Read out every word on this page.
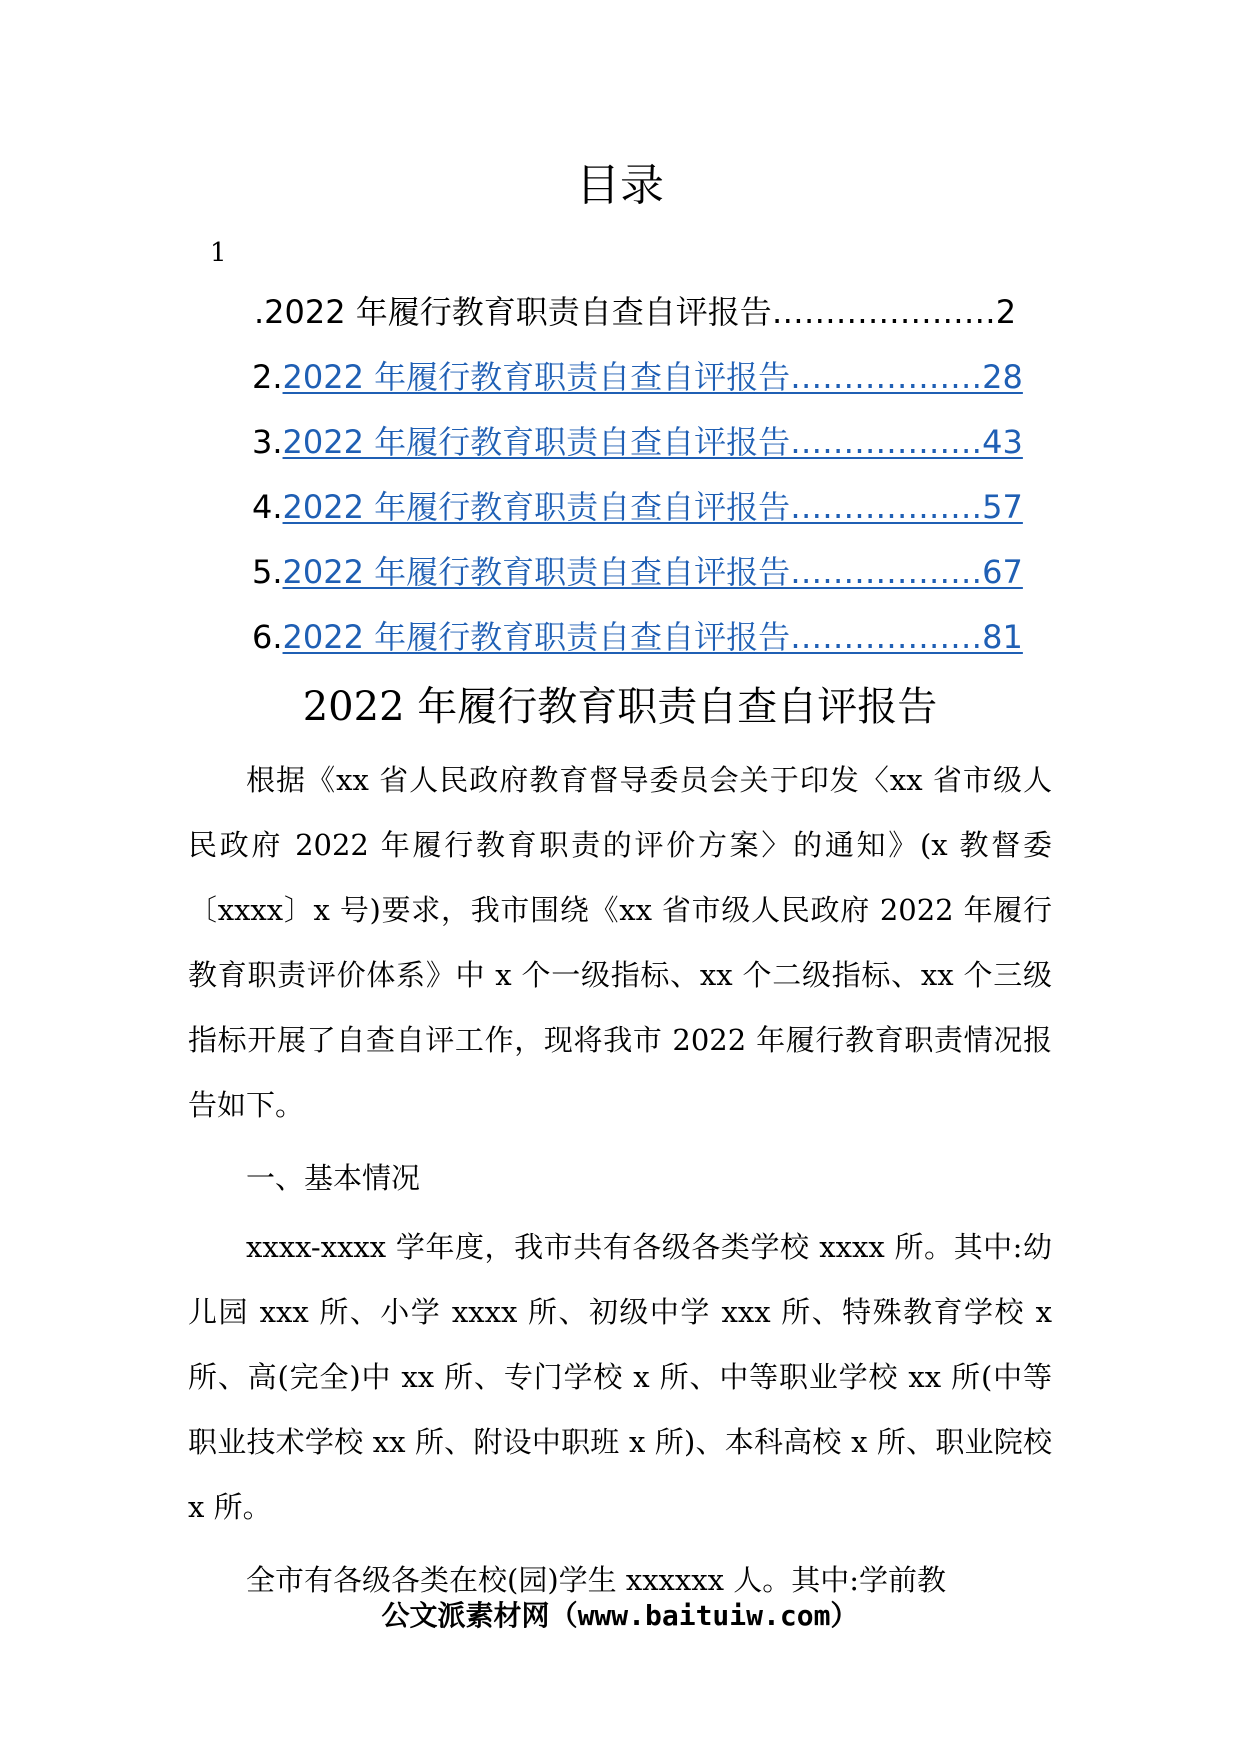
目录
1
.2022 年履行教育职责自查自评报告…………………2
2. 2022 年履行教育职责自查自评报告………………28
3. 2022 年履行教育职责自查自评报告………………43
4. 2022 年履行教育职责自查自评报告………………57
5. 2022 年履行教育职责自查自评报告………………67
6. 2022 年履行教育职责自查自评报告………………81
2022 年履行教育职责自查自评报告

根据《xx 省人民政府教育督导委员会关于印发〈xx 省市级人民政府 2022 年履行教育职责的评价方案〉的通知》(x 教督委〔xxxx〕x 号)要求，我市围绕《xx 省市级人民政府 2022 年履行教育职责评价体系》中 x 个一级指标、xx 个二级指标、xx 个三级指标开展了自查自评工作，现将我市 2022 年履行教育职责情况报告如下。

一、基本情况

xxxx-xxxx 学年度，我市共有各级各类学校 xxxx 所。其中:幼儿园 xxx 所、小学 xxxx 所、初级中学 xxx 所、特殊教育学校 x 所、高(完全)中 xx 所、专门学校 x 所、中等职业学校 xx 所(中等职业技术学校 xx 所、附设中职班 x 所)、本科高校 x 所、职业院校 x 所。

全市有各级各类在校(园)学生 xxxxxx 人。其中:学前教

公文派素材网（www.baituiw.com）
